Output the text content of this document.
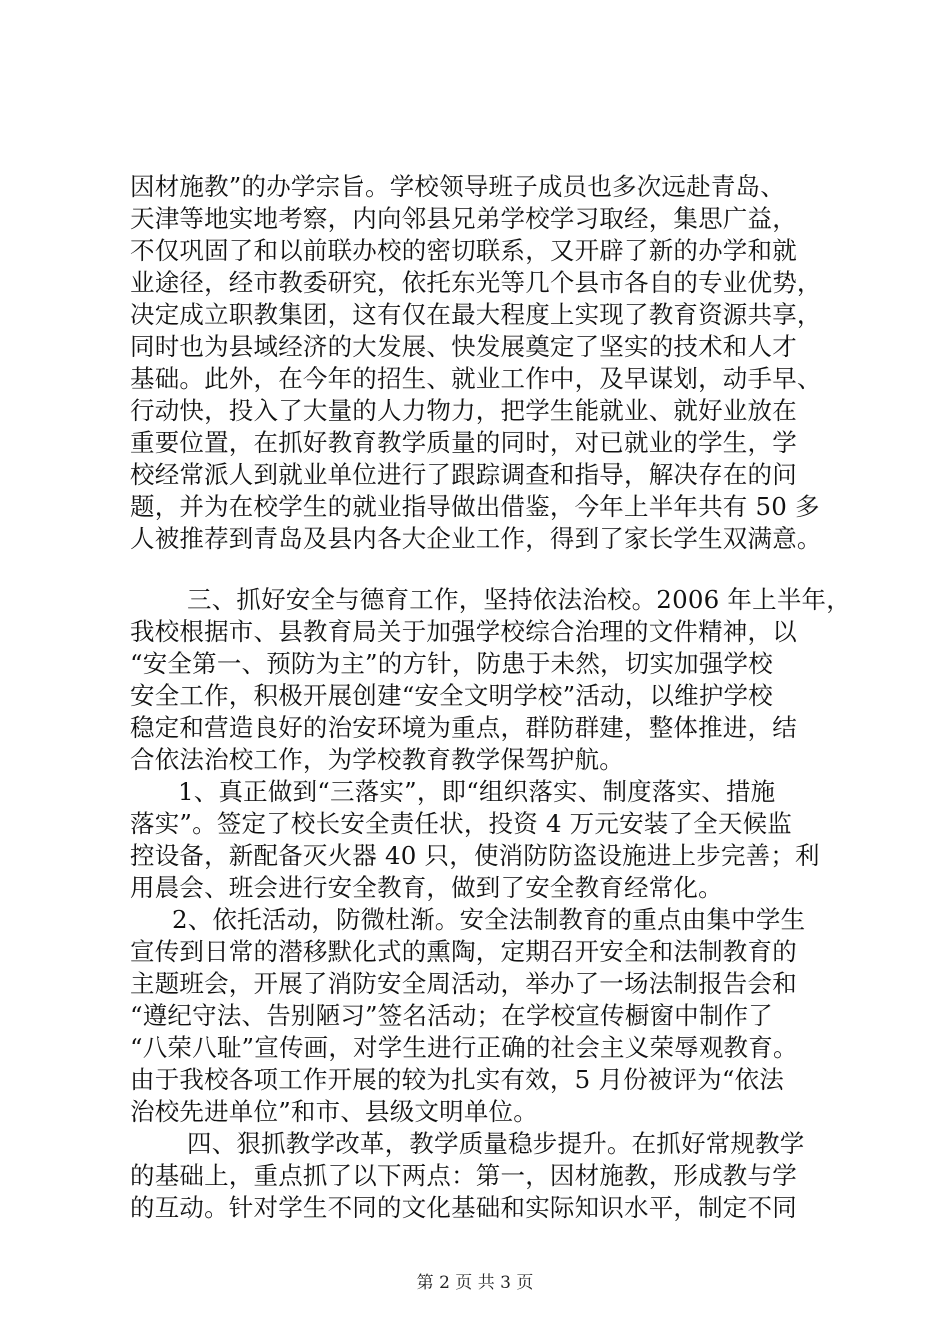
因材施教”的办学宗旨。学校领导班子成员也多次远赴青岛、
天津等地实地考察，内向邻县兄弟学校学习取经，集思广益，
不仅巩固了和以前联办校的密切联系，又开辟了新的办学和就
业途径，经市教委研究，依托东光等几个县市各自的专业优势，
决定成立职教集团，这有仅在最大程度上实现了教育资源共享，
同时也为县域经济的大发展、快发展奠定了坚实的技术和人才
基础。此外，在今年的招生、就业工作中，及早谋划，动手早、
行动快，投入了大量的人力物力，把学生能就业、就好业放在
重要位置，在抓好教育教学质量的同时，对已就业的学生，学
校经常派人到就业单位进行了跟踪调查和指导，解决存在的问
题，并为在校学生的就业指导做出借鉴，今年上半年共有 50 多
人被推荐到青岛及县内各大企业工作，得到了家长学生双满意。
三、抓好安全与德育工作，坚持依法治校。2006 年上半年，
我校根据市、县教育局关于加强学校综合治理的文件精神，以
“安全第一、预防为主”的方针，防患于未然，切实加强学校
安全工作，积极开展创建“安全文明学校”活动，以维护学校
稳定和营造良好的治安环境为重点，群防群建，整体推进，结
合依法治校工作，为学校教育教学保驾护航。
1、真正做到“三落实”，即“组织落实、制度落实、措施
落实”。签定了校长安全责任状，投资 4 万元安装了全天候监
控设备，新配备灭火器 40 只，使消防防盗设施进上步完善；利
用晨会、班会进行安全教育，做到了安全教育经常化。
2、依托活动，防微杜渐。安全法制教育的重点由集中学生
宣传到日常的潜移默化式的熏陶，定期召开安全和法制教育的
主题班会，开展了消防安全周活动，举办了一场法制报告会和
“遵纪守法、告别陋习”签名活动；在学校宣传橱窗中制作了
“八荣八耻”宣传画，对学生进行正确的社会主义荣辱观教育。
由于我校各项工作开展的较为扎实有效，5 月份被评为“依法
治校先进单位”和市、县级文明单位。
四、狠抓教学改革，教学质量稳步提升。在抓好常规教学
的基础上，重点抓了以下两点：第一，因材施教，形成教与学
的互动。针对学生不同的文化基础和实际知识水平，制定不同
第 2 页 共 3 页
